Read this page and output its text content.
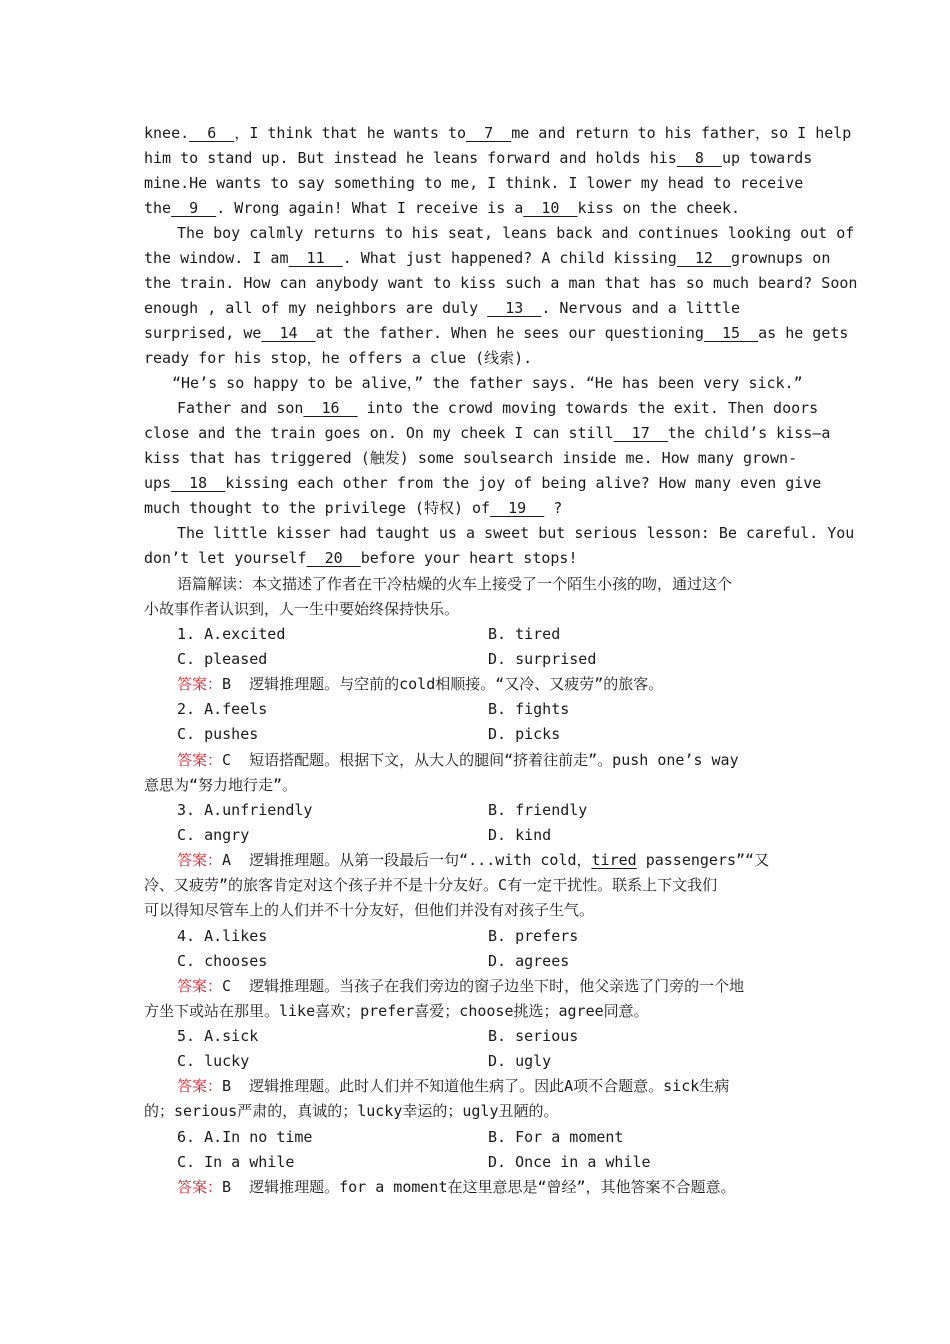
knee.  6  ，I think that he wants to  7  me and return to his father，so I help
him to stand up. But instead he leans forward and holds his  8  up towards
mine.He wants to say something to me, I think. I lower my head to receive
the  9  . Wrong again! What I receive is a  10  kiss on the cheek.
The boy calmly returns to his seat, leans back and continues looking out of
the window. I am  11  . What just happened? A child kissing  12  grownups on
the train. How can anybody want to kiss such a man that has so much beard? Soon
enough , all of my neighbors are duly   13  . Nervous and a little
surprised, we  14  at the father. When he sees our questioning  15  as he gets
ready for his stop，he offers a clue (线索).
“He’s so happy to be alive，” the father says. “He has been very sick.”
Father and son  16   into the crowd moving towards the exit. Then doors
close and the train goes on. On my cheek I can still  17  the child’s kiss—a
kiss that has triggered (触发) some soulsearch inside me. How many grown-
ups  18  kissing each other from the joy of being alive? How many even give
much thought to the privilege (特权) of  19   ?
The little kisser had taught us a sweet but serious lesson: Be careful. You
don’t let yourself  20  before your heart stops!
语篇解读：本文描述了作者在干冷枯燥的火车上接受了一个陌生小孩的吻，通过这个
小故事作者认识到，人一生中要始终保持快乐。
1. A.excited	B. tired
C. pleased	D. surprised
答案：B  逻辑推理题。与空前的cold相顺接。“又冷、又疲劳”的旅客。
2. A.feels	B. fights
C. pushes	D. picks
答案：C  短语搭配题。根据下文，从大人的腿间“挤着往前走”。push one’s way
意思为“努力地行走”。
3. A.unfriendly	B. friendly
C. angry	D. kind
答案：A  逻辑推理题。从第一段最后一句“...with cold，tired passengers”“又
冷、又疲劳”的旅客肯定对这个孩子并不是十分友好。C有一定干扰性。联系上下文我们
可以得知尽管车上的人们并不十分友好，但他们并没有对孩子生气。
4. A.likes	B. prefers
C. chooses	D. agrees
答案：C  逻辑推理题。当孩子在我们旁边的窗子边坐下时，他父亲选了门旁的一个地
方坐下或站在那里。like喜欢；prefer喜爱；choose挑选；agree同意。
5. A.sick	B. serious
C. lucky	D. ugly
答案：B  逻辑推理题。此时人们并不知道他生病了。因此A项不合题意。sick生病
的；serious严肃的，真诚的；lucky幸运的；ugly丑陋的。
6. A.In no time	B. For a moment
C. In a while	D. Once in a while
答案：B  逻辑推理题。for a moment在这里意思是“曾经”，其他答案不合题意。
